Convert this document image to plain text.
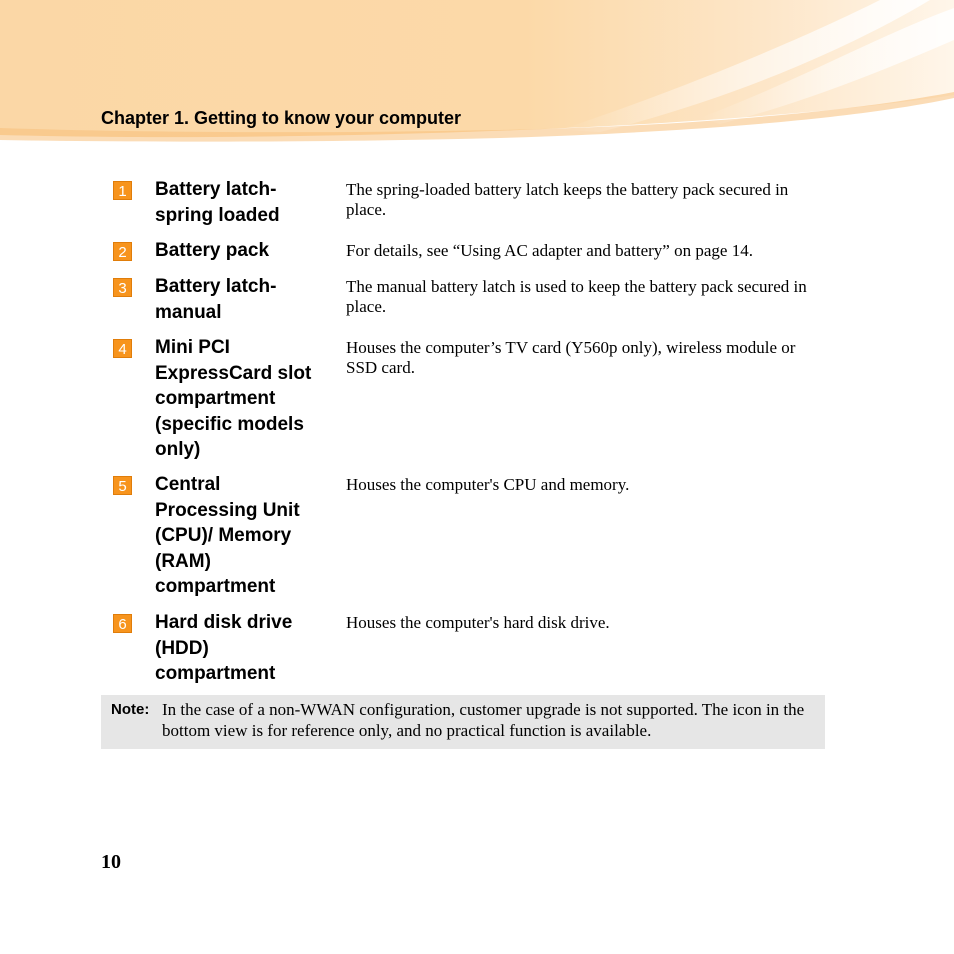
Chapter 1. Getting to know your computer
1 Battery latch- spring loaded
The spring-loaded battery latch keeps the battery pack secured in place.
2 Battery pack	For details, see “Using AC adapter and battery” on page 14.
3 Battery latch- manual
The manual battery latch is used to keep the battery pack secured in place.
4 Mini PCI ExpressCard slot compartment (specific models only)
Houses the computer’s TV card (Y560p only), wireless module or SSD card.
5 Central Processing Unit (CPU)/ Memory (RAM) compartment
Houses the computer's CPU and memory.
6 Hard disk drive (HDD) compartment
Houses the computer's hard disk drive.
Note: In the case of a non-WWAN configuration, customer upgrade is not supported. The icon in the bottom view is for reference only, and no practical function is available.
10
